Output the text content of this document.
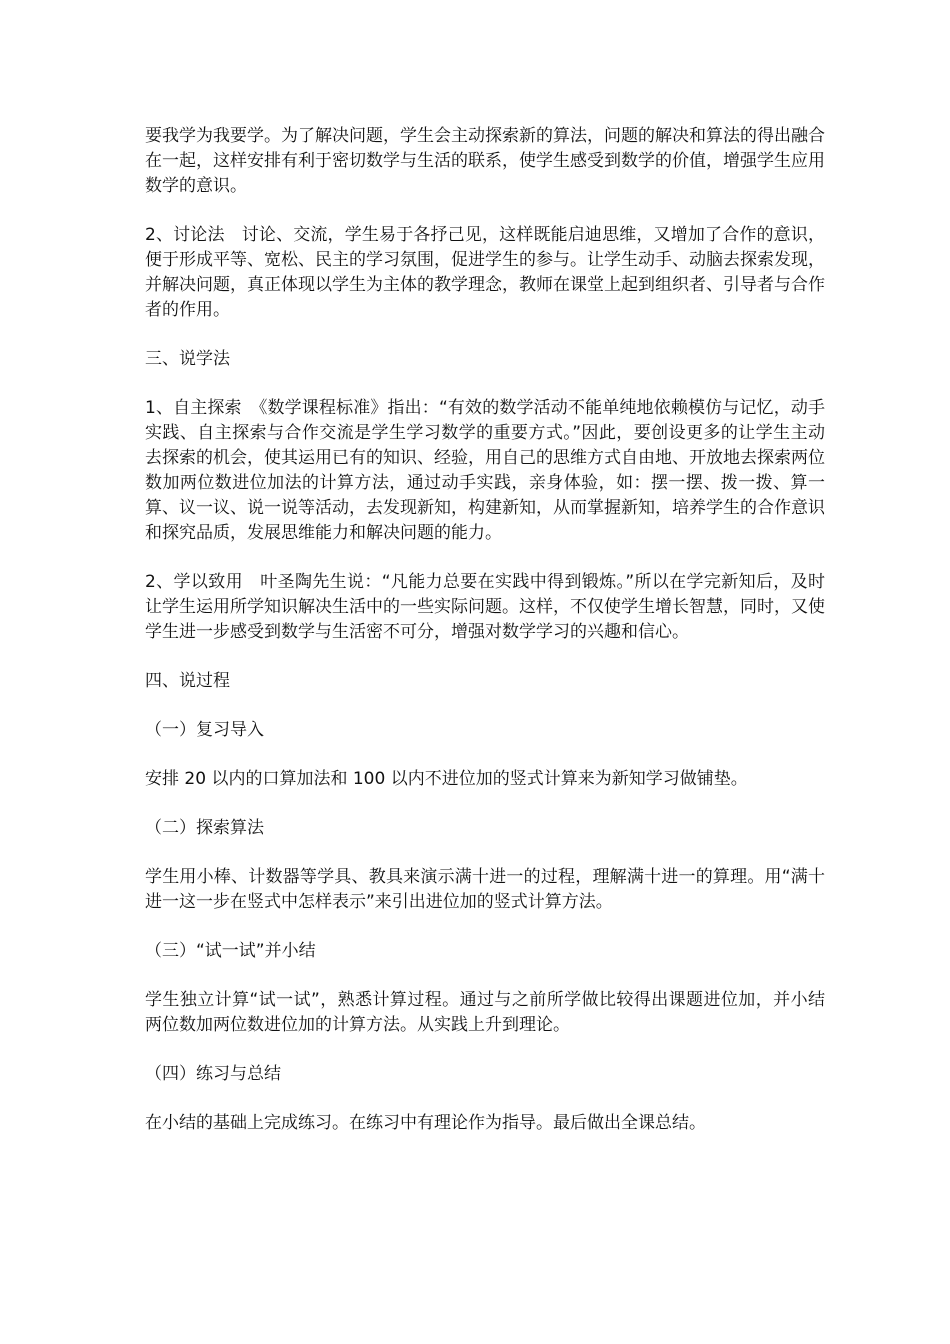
要我学为我要学。为了解决问题，学生会主动探索新的算法，问题的解决和算法的得出融合在一起，这样安排有利于密切数学与生活的联系，使学生感受到数学的价值，增强学生应用数学的意识。

2、讨论法　讨论、交流，学生易于各抒己见，这样既能启迪思维，又增加了合作的意识，便于形成平等、宽松、民主的学习氛围，促进学生的参与。让学生动手、动脑去探索发现，并解决问题，真正体现以学生为主体的教学理念，教师在课堂上起到组织者、引导者与合作者的作用。

三、说学法

1、自主探索　《数学课程标准》指出：“有效的数学活动不能单纯地依赖模仿与记忆，动手实践、自主探索与合作交流是学生学习数学的重要方式。”因此，要创设更多的让学生主动去探索的机会，使其运用已有的知识、经验，用自己的思维方式自由地、开放地去探索两位数加两位数进位加法的计算方法，通过动手实践，亲身体验，如：摆一摆、拨一拨、算一算、议一议、说一说等活动，去发现新知，构建新知，从而掌握新知，培养学生的合作意识和探究品质，发展思维能力和解决问题的能力。

2、学以致用　叶圣陶先生说：“凡能力总要在实践中得到锻炼。”所以在学完新知后，及时让学生运用所学知识解决生活中的一些实际问题。这样，不仅使学生增长智慧，同时，又使学生进一步感受到数学与生活密不可分，增强对数学学习的兴趣和信心。

四、说过程

（一）复习导入

安排 20 以内的口算加法和 100 以内不进位加的竖式计算来为新知学习做铺垫。

（二）探索算法

学生用小棒、计数器等学具、教具来演示满十进一的过程，理解满十进一的算理。用“满十进一这一步在竖式中怎样表示”来引出进位加的竖式计算方法。

（三）“试一试”并小结

学生独立计算“试一试”，熟悉计算过程。通过与之前所学做比较得出课题进位加，并小结两位数加两位数进位加的计算方法。从实践上升到理论。

（四）练习与总结

在小结的基础上完成练习。在练习中有理论作为指导。最后做出全课总结。
